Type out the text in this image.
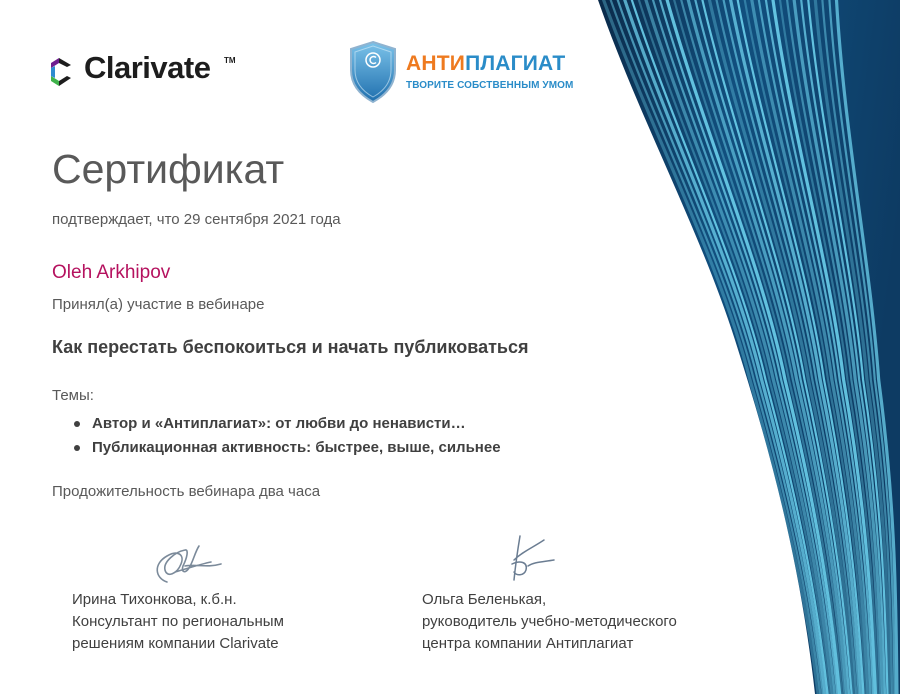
Clarivate TM	АНТИПЛАГИАТ
ТВОРИТЕ СОБСТВЕННЫМ УМОМ
Сертификат
подтверждает, что 29 сентября 2021 года
Oleh Arkhipov
Принял(а) участие в вебинаре
Как перестать беспокоиться и начать публиковаться
Темы:
Автор и «Антиплагиат»: от любви до ненависти…
Публикационная активность: быстрее, выше, сильнее
Продожительность вебинара два часа
Ирина Тихонкова, к.б.н.
Консультант по региональным
решениям компании Clarivate
Ольга Беленькая,
руководитель учебно-методического
центра компании Антиплагиат
